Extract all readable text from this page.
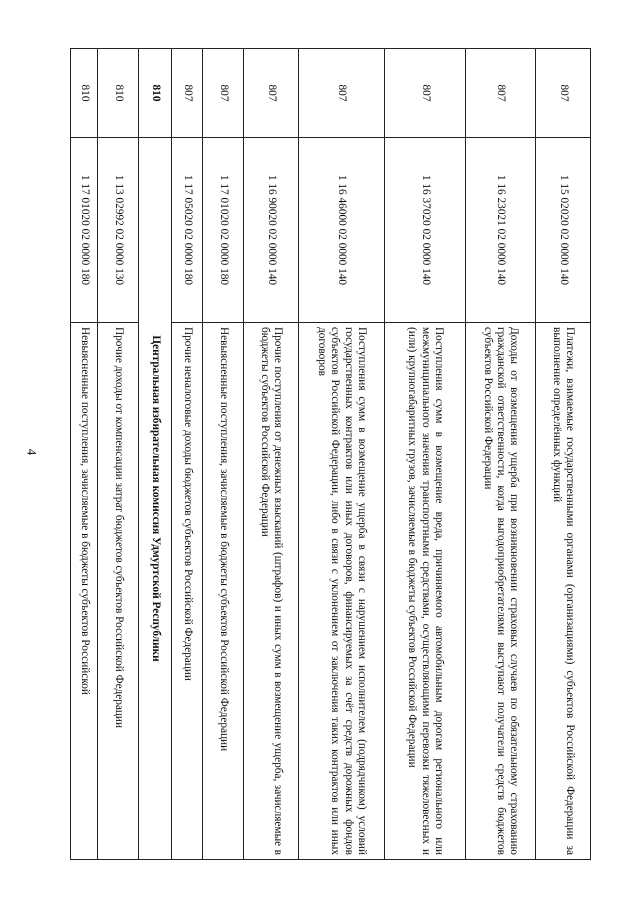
4
807	1 15 02020 02 0000 140	Платежи, взимаемые государственными органами (организациями) субъектов Российской Федерации за выполнение определённых функций
807	1 16 23021 02 0000 140	Доходы от возмещения ущерба при возникновении страховых случаев по обязательному страхованию гражданской ответственности, когда выгодоприобретателями выступают получатели средств бюджетов субъектов Российской Федерации
807	1 16 37020 02 0000 140	Поступления сумм в возмещение вреда, причиняемого автомобильным дорогам регионального или межмуниципального значения транспортными средствами, осуществляющими перевозки тяжеловесных и (или) крупногабаритных грузов, зачисляемые в бюджеты субъектов Российской Федерации
807	1 16 46000 02 0000 140	Поступления сумм в возмещение ущерба в связи с нарушением исполнителем (подрядчиком) условий государственных контрактов или иных договоров, финансируемых за счёт средств дорожных фондов субъектов Российской Федерации, либо в связи с уклонением от заключения таких контрактов или иных договоров
807	1 16 90020 02 0000 140	Прочие поступления от денежных взысканий (штрафов) и иных сумм в возмещение ущерба, зачисляемые в бюджеты субъектов Российской Федерации
807	1 17 01020 02 0000 180	Невыясненные поступления, зачисляемые в бюджеты субъектов Российской Федерации
807	1 17 05020 02 0000 180	Прочие неналоговые доходы бюджетов субъектов Российской Федерации
810	Центральная избирательная комиссия Удмуртской Республики	
810	1 13 02992 02 0000 130	Прочие доходы от компенсации затрат бюджетов субъектов Российской Федерации
810	1 17 01020 02 0000 180	Невыясненные поступления, зачисляемые в бюджеты субъектов Российской
